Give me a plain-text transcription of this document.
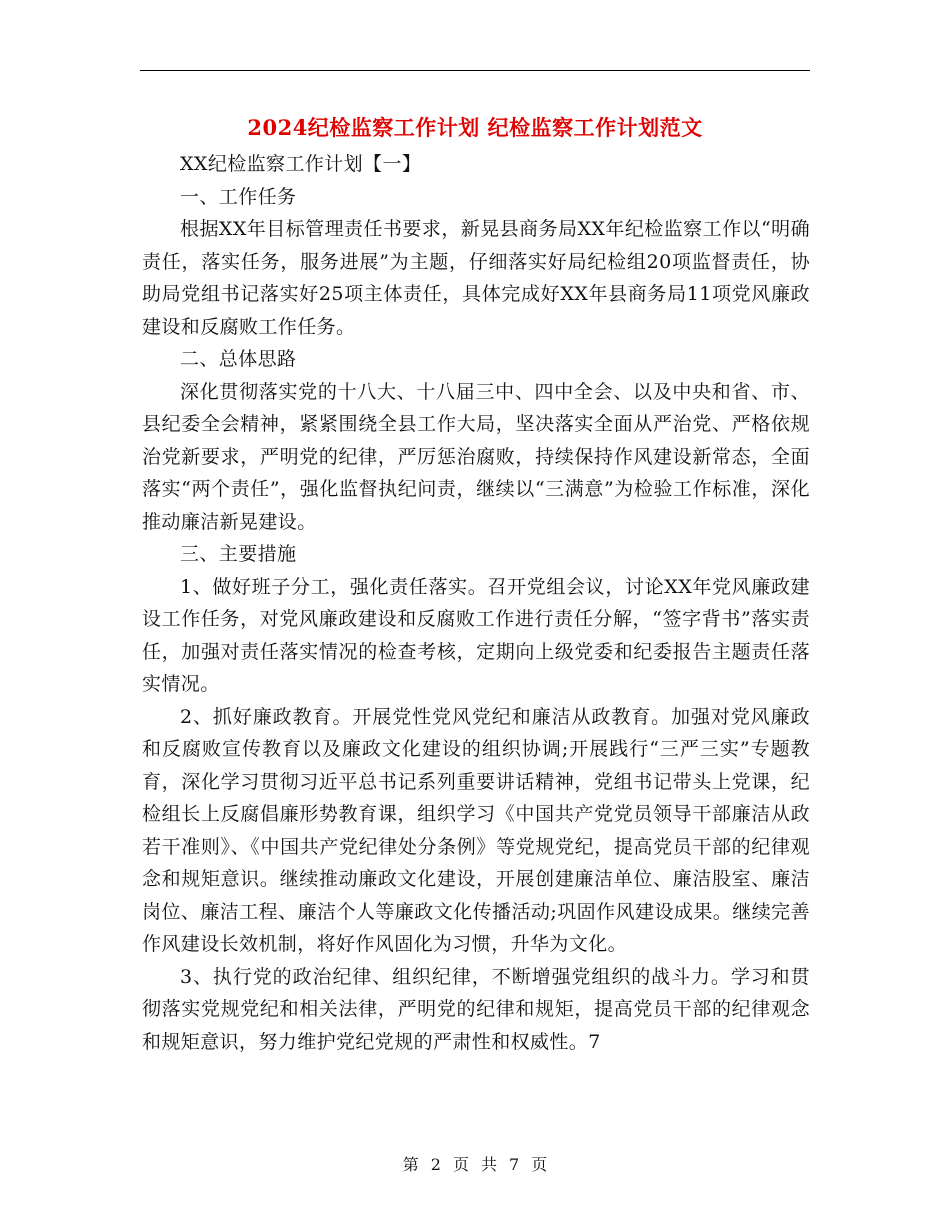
2024纪检监察工作计划 纪检监察工作计划范文

XX纪检监察工作计划【一】

一、工作任务

根据XX年目标管理责任书要求，新晃县商务局XX年纪检监察工作以“明确责任，落实任务，服务进展”为主题，仔细落实好局纪检组20项监督责任，协助局党组书记落实好25项主体责任，具体完成好XX年县商务局11项党风廉政建设和反腐败工作任务。

二、总体思路

深化贯彻落实党的十八大、十八届三中、四中全会、以及中央和省、市、县纪委全会精神，紧紧围绕全县工作大局，坚决落实全面从严治党、严格依规治党新要求，严明党的纪律，严厉惩治腐败，持续保持作风建设新常态，全面落实“两个责任”，强化监督执纪问责，继续以“三满意”为检验工作标准，深化推动廉洁新晃建设。

三、主要措施

1、做好班子分工，强化责任落实。召开党组会议，讨论XX年党风廉政建设工作任务，对党风廉政建设和反腐败工作进行责任分解，“签字背书”落实责任，加强对责任落实情况的检查考核，定期向上级党委和纪委报告主题责任落实情况。

2、抓好廉政教育。开展党性党风党纪和廉洁从政教育。加强对党风廉政和反腐败宣传教育以及廉政文化建设的组织协调;开展践行“三严三实”专题教育，深化学习贯彻习近平总书记系列重要讲话精神，党组书记带头上党课，纪检组长上反腐倡廉形势教育课，组织学习《中国共产党党员领导干部廉洁从政若干准则》、《中国共产党纪律处分条例》等党规党纪，提高党员干部的纪律观念和规矩意识。继续推动廉政文化建设，开展创建廉洁单位、廉洁股室、廉洁岗位、廉洁工程、廉洁个人等廉政文化传播活动;巩固作风建设成果。继续完善作风建设长效机制，将好作风固化为习惯，升华为文化。

3、执行党的政治纪律、组织纪律，不断增强党组织的战斗力。学习和贯彻落实党规党纪和相关法律，严明党的纪律和规矩，提高党员干部的纪律观念和规矩意识，努力维护党纪党规的严肃性和权威性。7

第 2 页 共 7 页
